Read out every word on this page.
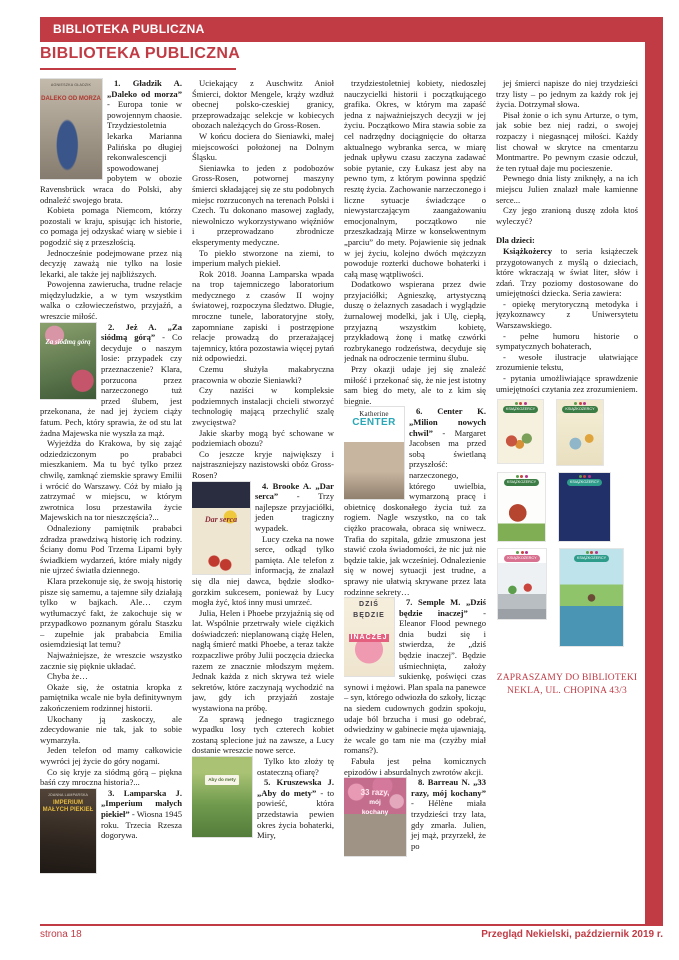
BIBLIOTEKA PUBLICZNA
BIBLIOTEKA PUBLICZNA
AGNIESZKA GŁADZIK
DALEKO OD MORZA

1. Gładzik A. „Daleko od morza” - Europa tonie w powojennym chaosie. Trzydziestoletnia lekarka Marianna Palińska po długiej rekonwalescencji spowodowanej pobytem w obozie Ravensbrück wraca do Polski, aby odnaleźć swojego brata.

Kobieta pomaga Niemcom, którzy pozostali w kraju, spisując ich historie, co pomaga jej odzyskać wiarę w siebie i pogodzić się z przeszłością.

Jednocześnie podejmowane przez nią decyzję zaważą nie tylko na losie lekarki, ale także jej najbliższych.

Powojenna zawierucha, trudne relacje międzyludzkie, a w tym wszystkim walka o człowieczeństwo, przyjaźń, a wreszcie miłość.

Za siódmą górą

2. Jeż A. „Za siódmą górą” - Co decyduje o naszym losie: przypadek czy przeznaczenie? Klara, porzucona przez narzeczonego tuż przed ślubem, jest przekonana, że nad jej życiem ciąży fatum. Pech, który sprawia, że od stu lat żadna Majewska nie wyszła za mąż.

Wyjeżdża do Krakowa, by się zająć odziedziczonym po prababci mieszkaniem. Ma tu być tylko przez chwilę, zamknąć ziemskie sprawy Emilii i wrócić do Warszawy. Cóż by miało ją zatrzymać w miejscu, w którym zwrotnica losu przestawiła życie Majewskich na tor nieszczęścia?...

Odnaleziony pamiętnik prababci zdradza prawdziwą historię ich rodziny. Ściany domu Pod Trzema Lipami były świadkiem wydarzeń, które miały nigdy nie ujrzeć światła dziennego.

Klara przekonuje się, że swoją historię pisze się samemu, a tajemne siły działają tylko w bajkach. Ale… czym wytłumaczyć fakt, że zakochuje się w przypadkowo poznanym góralu Staszku – zupełnie jak prababcia Emilia osiemdziesiąt lat temu?

Najważniejsze, że wreszcie wszystko zacznie się pięknie układać.

Chyba że…

Okaże się, że ostatnia kropka z pamiętnika wcale nie była definitywnym zakończeniem rodzinnej historii.

Ukochany ją zaskoczy, ale zdecydowanie nie tak, jak to sobie wymarzyła.

Jeden telefon od mamy całkowicie wywróci jej życie do góry nogami.

Co się kryje za siódmą górą – piękna baśń czy mroczna historia?...

JOANNA LAMPARSKA
IMPERIUM MAŁYCH PIEKIEŁ

3. Lamparska J. „Imperium małych piekieł” - Wiosna 1945 roku. Trzecia Rzesza dogorywa.

Uciekający z Auschwitz Anioł Śmierci, doktor Mengele, krąży wzdłuż obecnej polsko-czeskiej granicy, przeprowadzając selekcje w kobiecych obozach należących do Gross-Rosen.

W końcu dociera do Sieniawki, małej miejscowości położonej na Dolnym Śląsku.

Sieniawka to jeden z podobozów Gross-Rosen, potwornej maszyny śmierci składającej się ze stu podobnych miejsc rozrzuconych na terenach Polski i Czech. Tu dokonano masowej zagłady, niewolniczo wykorzystywano więźniów i przeprowadzano zbrodnicze eksperymenty medyczne.

To piekło stworzone na ziemi, to imperium małych piekieł.

Rok 2018. Joanna Lamparska wpada na trop tajemniczego laboratorium medycznego z czasów II wojny światowej, rozpoczyna śledztwo. Długie, mroczne tunele, laboratoryjne stoły, zapomniane zapiski i postrzępione relacje prowadzą do przerażającej tajemnicy, która pozostawia więcej pytań niż odpowiedzi.

Czemu służyła makabryczna pracownia w obozie Sieniawki?

Czy naziści w kompleksie podziemnych instalacji chcieli stworzyć technologię mającą przechylić szalę zwycięstwa?

Jakie skarby mogą być schowane w podziemiach obozu?

Co jeszcze kryje największy i najstraszniejszy nazistowski obóz Gross-Rosen?

Dar serca

4. Brooke A. „Dar serca” - Trzy najlepsze przyjaciółki, jeden tragiczny wypadek.

Lucy czeka na nowe serce, odkąd tylko pamięta. Ale telefon z informacją, że znalazł się dla niej dawca, będzie słodko-gorzkim sukcesem, ponieważ by Lucy mogła żyć, ktoś inny musi umrzeć.

Julia, Helen i Phoebe przyjaźnią się od lat. Wspólnie przetrwały wiele ciężkich doświadczeń: nieplanowaną ciążę Helen, nagłą śmierć matki Phoebe, a teraz także rozpaczliwe próby Julii poczęcia dziecka razem ze znacznie młodszym mężem. Jednak każda z nich skrywa też wiele sekretów, które zaczynają wychodzić na jaw, gdy ich przyjaźń zostaje wystawiona na próbę.

Za sprawą jednego tragicznego wypadku losy tych czterech kobiet zostaną splecione już na zawsze, a Lucy dostanie wreszcie nowe serce.

Aby do mety

Tylko kto złoży tę ostateczną ofiarę?

5. Kruszewska J. „Aby do mety” - to powieść, która przedstawia pewien okres życia bohaterki, Miry,

trzydziestoletniej kobiety, niedoszłej nauczycielki historii i początkującego grafika. Okres, w którym ma zapaść jedna z najważniejszych decyzji w jej życiu. Początkowo Mira stawia sobie za cel nadrzędny dociągnięcie do ołtarza aktualnego wybranka serca, w miarę jednak upływu czasu zaczyna zadawać sobie pytanie, czy Łukasz jest aby na pewno tym, z którym powinna spędzić resztę życia. Zachowanie narzeczonego i liczne sytuacje świadczące o niewystarczającym zaangażowaniu emocjonalnym, początkowo nie przeszkadzają Mirze w konsekwentnym „parciu” do mety. Pojawienie się jednak w jej życiu, kolejno dwóch mężczyzn powoduje rozterki duchowe bohaterki i całą masę wątpliwości.

Dodatkowo wspierana przez dwie przyjaciółki; Agnieszkę, artystyczną duszę o żelaznych zasadach i wyglądzie żurnalowej modelki, jak i Ulę, ciepłą, przyjazną wszystkim kobietę, przykładową żonę i matkę czwórki rozbrykanego rodzeństwa, decyduje się jednak na odroczenie terminu ślubu.

Przy okazji udaje jej się znaleźć miłość i przekonać się, że nie jest istotny sam bieg do mety, ale to z kim się biegnie.

Katherine
CENTER

6. Center K. „Milion nowych chwil” - Margaret Jacobsen ma przed sobą świetlaną przyszłość: narzeczonego, którego uwielbia, wymarzoną pracę i obietnicę doskonałego życia tuż za rogiem. Nagle wszystko, na co tak ciężko pracowała, obraca się wniwecz. Trafia do szpitala, gdzie zmuszona jest stawić czoła świadomości, że nic już nie będzie takie, jak wcześniej. Odnalezienie się w nowej sytuacji jest trudne, a sprawy nie ułatwią skrywane przez lata rodzinne sekrety…

DZIŚ
BĘDZIE
INACZEJ

7. Semple M. „Dziś będzie inaczej” - Eleanor Flood pewnego dnia budzi się i stwierdza, że „dziś będzie inaczej”. Będzie uśmiechnięta, założy sukienkę, poświęci czas synowi i mężowi. Plan spala na panewce – syn, którego odwiozła do szkoły, licząc na siedem cudownych godzin spokoju, udaje ból brzucha i musi go odebrać, odwiedziny w gabinecie męża ujawniają, że wcale go tam nie ma (czyżby miał romans?).

Fabuła jest pełna komicznych epizodów i absurdalnych zwrotów akcji.

33 razy,
mój
kochany

8. Barreau N. „33 razy, mój kochany” - Hélène miała trzydzieści trzy lata, gdy zmarła. Julien, jej mąż, przyrzekł, że po

jej śmierci napisze do niej trzydzieści trzy listy – po jednym za każdy rok jej życia. Dotrzymał słowa.

Pisał żonie o ich synu Arturze, o tym, jak sobie bez niej radzi, o swojej rozpaczy i niegasnącej miłości. Każdy list chował w skrytce na cmentarzu Montmartre. Po pewnym czasie odczuł, że ten rytuał daje mu pocieszenie.

Pewnego dnia listy zniknęły, a na ich miejscu Julien znalazł małe kamienne serce...

Czy jego zranioną duszę zdoła ktoś wyleczyć?

Dla dzieci:

Książkożercy to seria książeczek przygotowanych z myślą o dzieciach, które wkraczają w świat liter, słów i zdań. Trzy poziomy dostosowane do umiejętności dziecka. Seria zawiera:

- opiekę merytoryczną metodyka i językoznawcy z Uniwersytetu Warszawskiego.

- pełne humoru historie o sympatycznych bohaterach,

- wesołe ilustracje ułatwiające zrozumienie tekstu,

- pytania umożliwiające sprawdzenie umiejętności czytania zez zrozumieniem.

KSIĄŻKOŻERCY	KSIĄŻKOŻERCY
KSIĄŻKOŻERCY	KSIĄŻKOŻERCY
KSIĄŻKOŻERCY	KSIĄŻKOŻERCY
ZAPRASZAMY DO BIBLIOTEKI
NEKLA, UL. CHOPINA 43/3
strona 18	Przegląd Nekielski, październik 2019 r.
